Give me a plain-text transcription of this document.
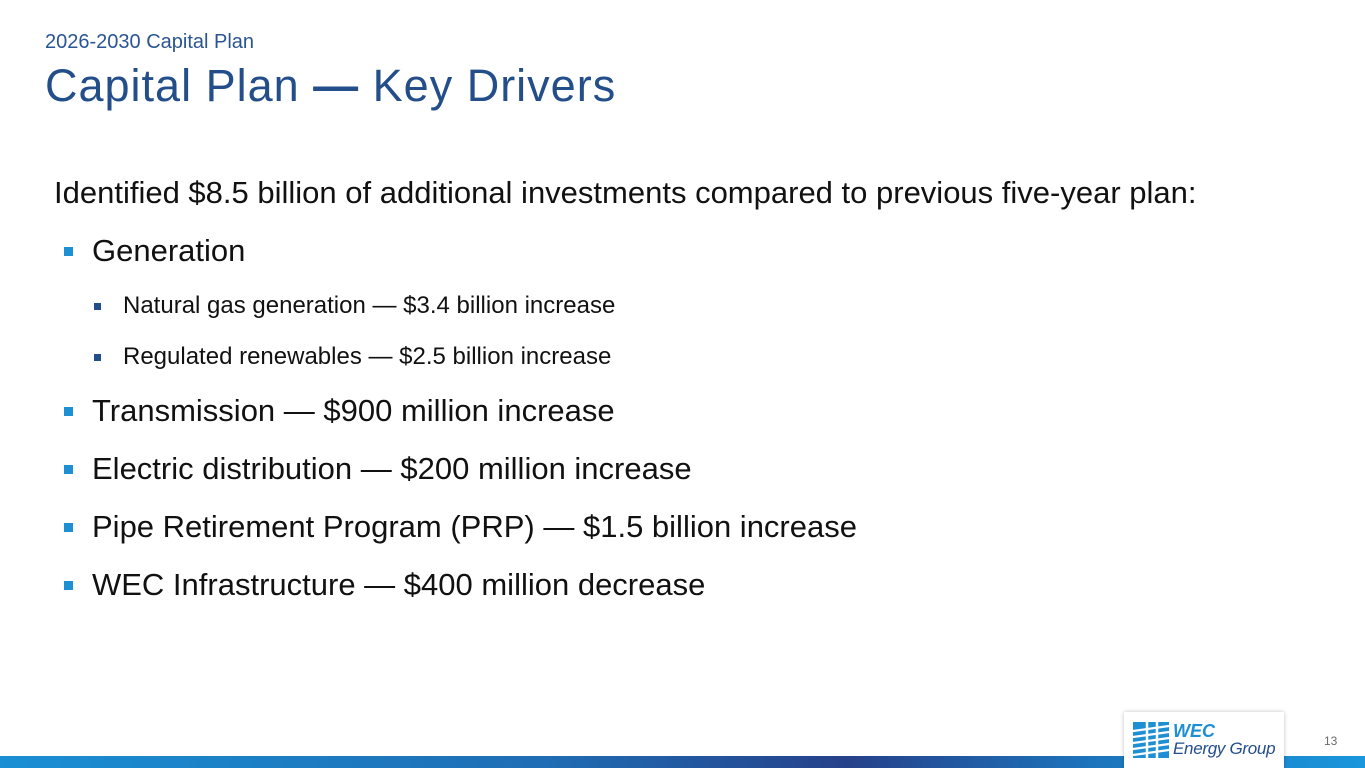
2026-2030 Capital Plan
Capital Plan — Key Drivers
Identified $8.5 billion of additional investments compared to previous five-year plan:
Generation
Natural gas generation — $3.4 billion increase
Regulated renewables — $2.5 billion increase
Transmission — $900 million increase
Electric distribution — $200 million increase
Pipe Retirement Program (PRP) — $1.5 billion increase
WEC Infrastructure — $400 million decrease
WEC
Energy Group	13
